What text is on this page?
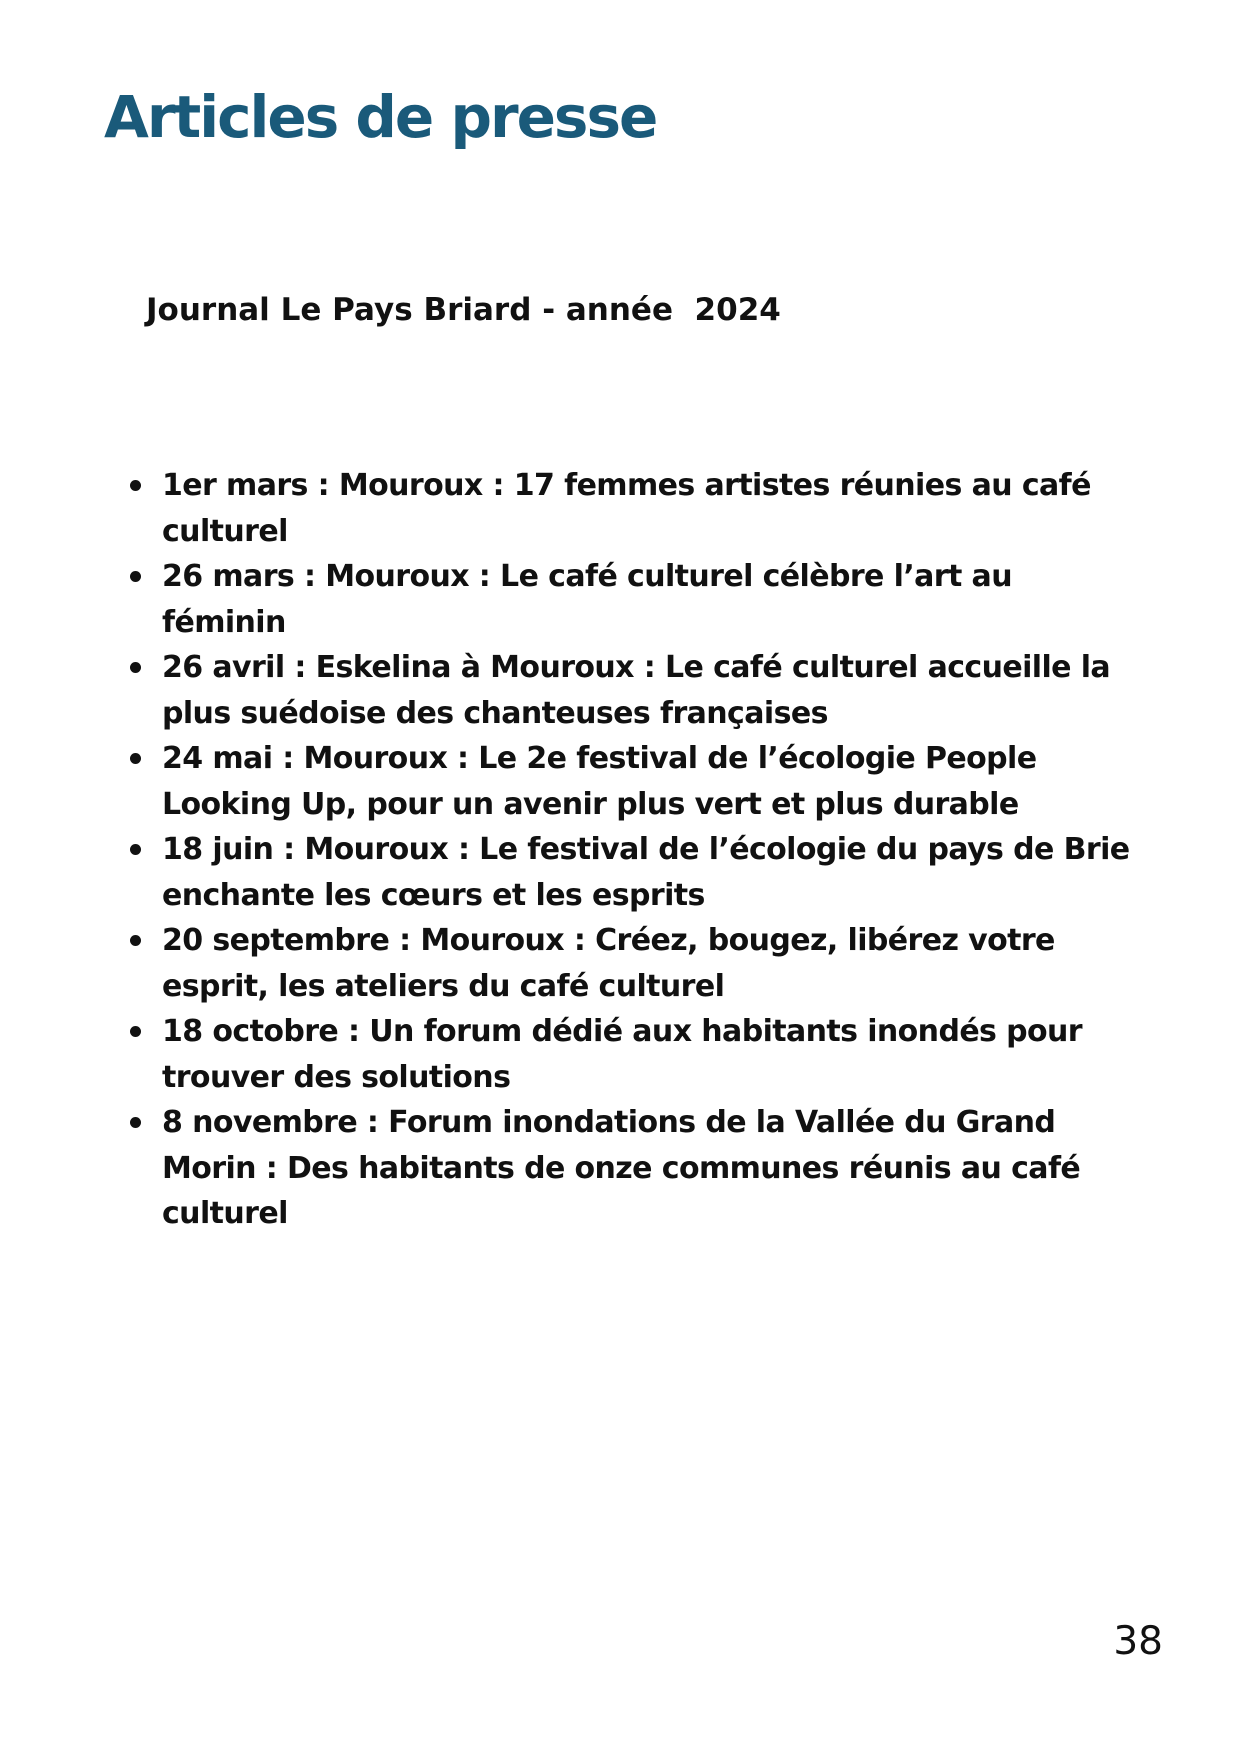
Articles de presse

Journal Le Pays Briard - année  2024

1er mars : Mouroux : 17 femmes artistes réunies au café culturel
26 mars : Mouroux : Le café culturel célèbre l’art au féminin
26 avril : Eskelina à Mouroux : Le café culturel accueille la plus suédoise des chanteuses françaises
24 mai : Mouroux : Le 2e festival de l’écologie People Looking Up, pour un avenir plus vert et plus durable
18 juin : Mouroux : Le festival de l’écologie du pays de Brie enchante les cœurs et les esprits
20 septembre : Mouroux : Créez, bougez, libérez votre esprit, les ateliers du café culturel
18 octobre : Un forum dédié aux habitants inondés pour trouver des solutions
8 novembre : Forum inondations de la Vallée du Grand Morin : Des habitants de onze communes réunis au café culturel
38
